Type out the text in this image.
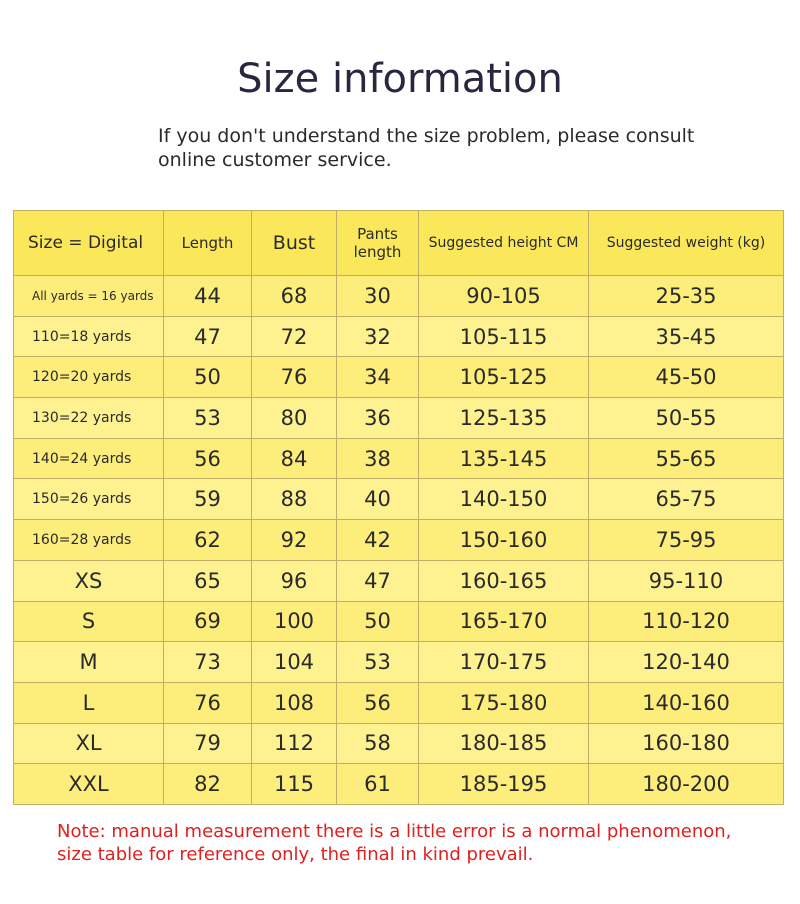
Size information

If you don't understand the size problem, please consult online customer service.

Size = Digital	Length	Bust	Pants length	Suggested height CM	Suggested weight (kg)
All yards = 16 yards	44	68	30	90-105	25-35
110=18 yards	47	72	32	105-115	35-45
120=20 yards	50	76	34	105-125	45-50
130=22 yards	53	80	36	125-135	50-55
140=24 yards	56	84	38	135-145	55-65
150=26 yards	59	88	40	140-150	65-75
160=28 yards	62	92	42	150-160	75-95
XS	65	96	47	160-165	95-110
S	69	100	50	165-170	110-120
M	73	104	53	170-175	120-140
L	76	108	56	175-180	140-160
XL	79	112	58	180-185	160-180
XXL	82	115	61	185-195	180-200

Note: manual measurement there is a little error is a normal phenomenon, size table for reference only, the final in kind prevail.
